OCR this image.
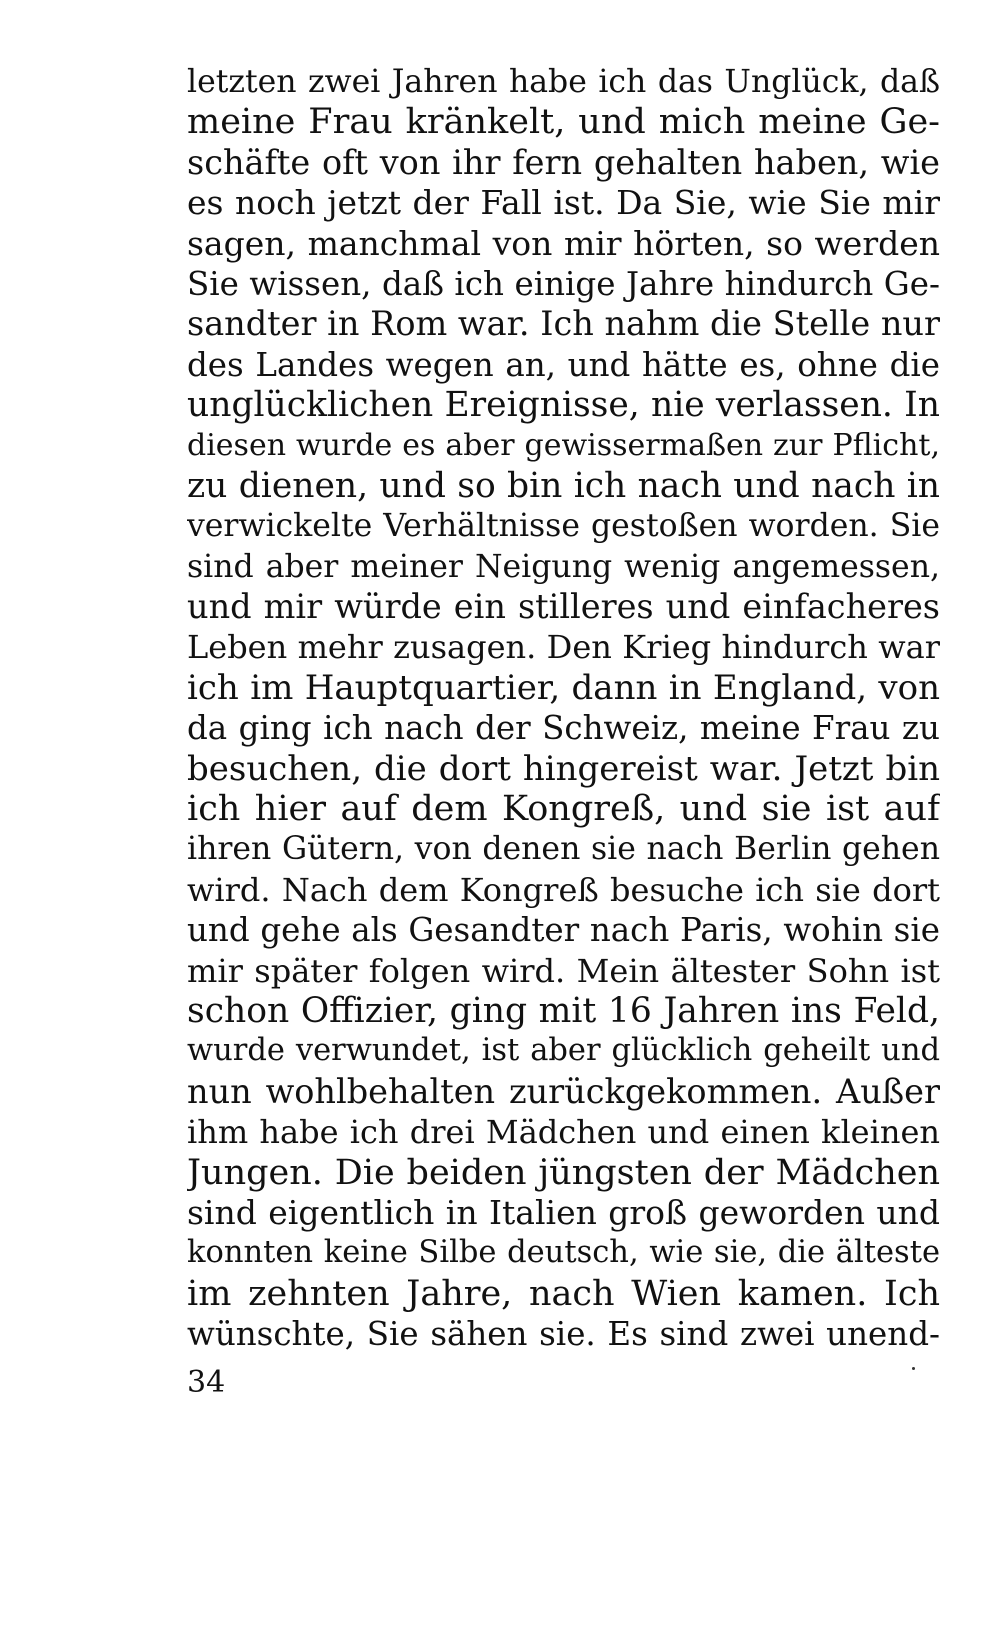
letzten zwei Jahren habe ich das Unglück, daß
meine Frau kränkelt, und mich meine Ge-
schäfte oft von ihr fern gehalten haben, wie
es noch jetzt der Fall ist. Da Sie, wie Sie mir
sagen, manchmal von mir hörten, so werden
Sie wissen, daß ich einige Jahre hindurch Ge-
sandter in Rom war. Ich nahm die Stelle nur
des Landes wegen an, und hätte es, ohne die
unglücklichen Ereignisse, nie verlassen. In
diesen wurde es aber gewissermaßen zur Pflicht,
zu dienen, und so bin ich nach und nach in
verwickelte Verhältnisse gestoßen worden. Sie
sind aber meiner Neigung wenig angemessen,
und mir würde ein stilleres und einfacheres
Leben mehr zusagen. Den Krieg hindurch war
ich im Hauptquartier, dann in England, von
da ging ich nach der Schweiz, meine Frau zu
besuchen, die dort hingereist war. Jetzt bin
ich hier auf dem Kongreß, und sie ist auf
ihren Gütern, von denen sie nach Berlin gehen
wird. Nach dem Kongreß besuche ich sie dort
und gehe als Gesandter nach Paris, wohin sie
mir später folgen wird. Mein ältester Sohn ist
schon Offizier, ging mit 16 Jahren ins Feld,
wurde verwundet, ist aber glücklich geheilt und
nun wohlbehalten zurückgekommen. Außer
ihm habe ich drei Mädchen und einen kleinen
Jungen. Die beiden jüngsten der Mädchen
sind eigentlich in Italien groß geworden und
konnten keine Silbe deutsch, wie sie, die älteste
im zehnten Jahre, nach Wien kamen. Ich
wünschte, Sie sähen sie. Es sind zwei unend-
34
